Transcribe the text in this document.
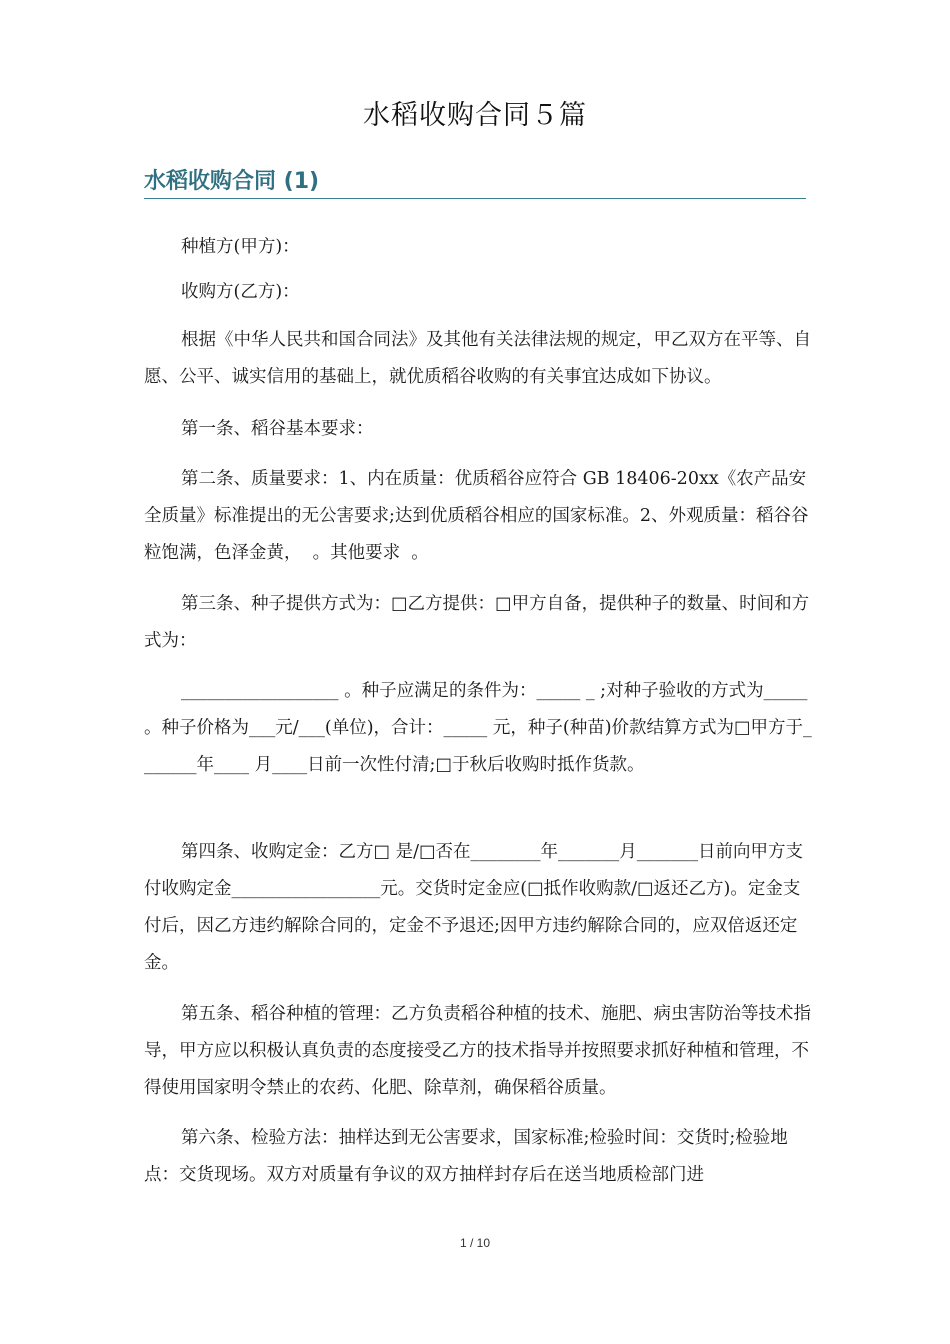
水稻收购合同５篇
水稻收购合同 (1)

种植方(甲方)：

收购方(乙方)：

根据《中华人民共和国合同法》及其他有关法律法规的规定，甲乙双方在平等、自愿、公平、诚实信用的基础上，就优质稻谷收购的有关事宜达成如下协议。

第一条、稻谷基本要求：

第二条、质量要求：1、内在质量：优质稻谷应符合 GB 18406-20xx《农产品安全质量》标准提出的无公害要求;达到优质稻谷相应的国家标准。2、外观质量：稻谷谷粒饱满，色泽金黄，  。其他要求  。

第三条、种子提供方式为：□乙方提供：□甲方自备，提供种子的数量、时间和方式为：

__________________ 。种子应满足的条件为：_____ _ ;对种子验收的方式为_____ 。种子价格为___元/___(单位)，合计：_____ 元，种子(种苗)价款结算方式为□甲方于_______年____ 月____日前一次性付清;□于秋后收购时抵作货款。

第四条、收购定金：乙方□ 是/□否在________年_______月_______日前向甲方支付收购定金_________________元。交货时定金应(□抵作收购款/□返还乙方)。定金支付后，因乙方违约解除合同的，定金不予退还;因甲方违约解除合同的，应双倍返还定金。

第五条、稻谷种植的管理：乙方负责稻谷种植的技术、施肥、病虫害防治等技术指导，甲方应以积极认真负责的态度接受乙方的技术指导并按照要求抓好种植和管理，不得使用国家明令禁止的农药、化肥、除草剂，确保稻谷质量。

第六条、检验方法：抽样达到无公害要求，国家标准;检验时间：交货时;检验地点：交货现场。双方对质量有争议的双方抽样封存后在送当地质检部门进

1 / 10
